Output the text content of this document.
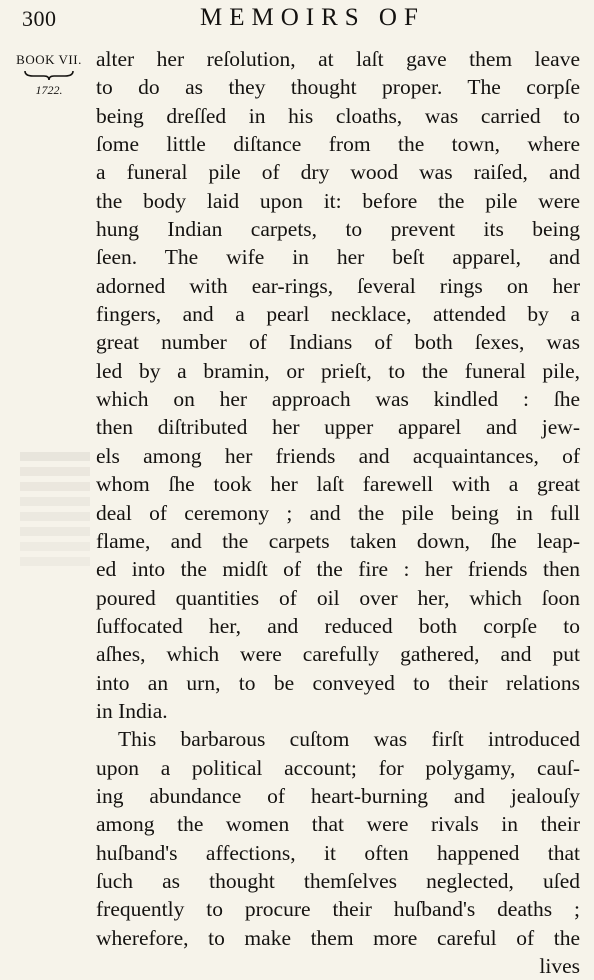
300	MEMOIRS OF
BOOK VII.
1722.
alter her reſolution, at laſt gave them leave
to do as they thought proper. The corpſe
being dreſſed in his cloaths, was carried to
ſome little diſtance from the town, where
a funeral pile of dry wood was raiſed, and
the body laid upon it: before the pile were
hung Indian carpets, to prevent its being
ſeen. The wife in her beſt apparel, and
adorned with ear-rings, ſeveral rings on her
fingers, and a pearl necklace, attended by a
great number of Indians of both ſexes, was
led by a bramin, or prieſt, to the funeral pile,
which on her approach was kindled : ſhe
then diſtributed her upper apparel and jew-
els among her friends and acquaintances, of
whom ſhe took her laſt farewell with a great
deal of ceremony ; and the pile being in full
flame, and the carpets taken down, ſhe leap-
ed into the midſt of the fire : her friends then
poured quantities of oil over her, which ſoon
ſuffocated her, and reduced both corpſe to
aſhes, which were carefully gathered, and put
into an urn, to be conveyed to their relations
in India.
This barbarous cuſtom was firſt introduced
upon a political account; for polygamy, cauſ-
ing abundance of heart-burning and jealouſy
among the women that were rivals in their
huſband's affections, it often happened that
ſuch as thought themſelves neglected, uſed
frequently to procure their huſband's deaths ;
wherefore, to make them more careful of the
lives
